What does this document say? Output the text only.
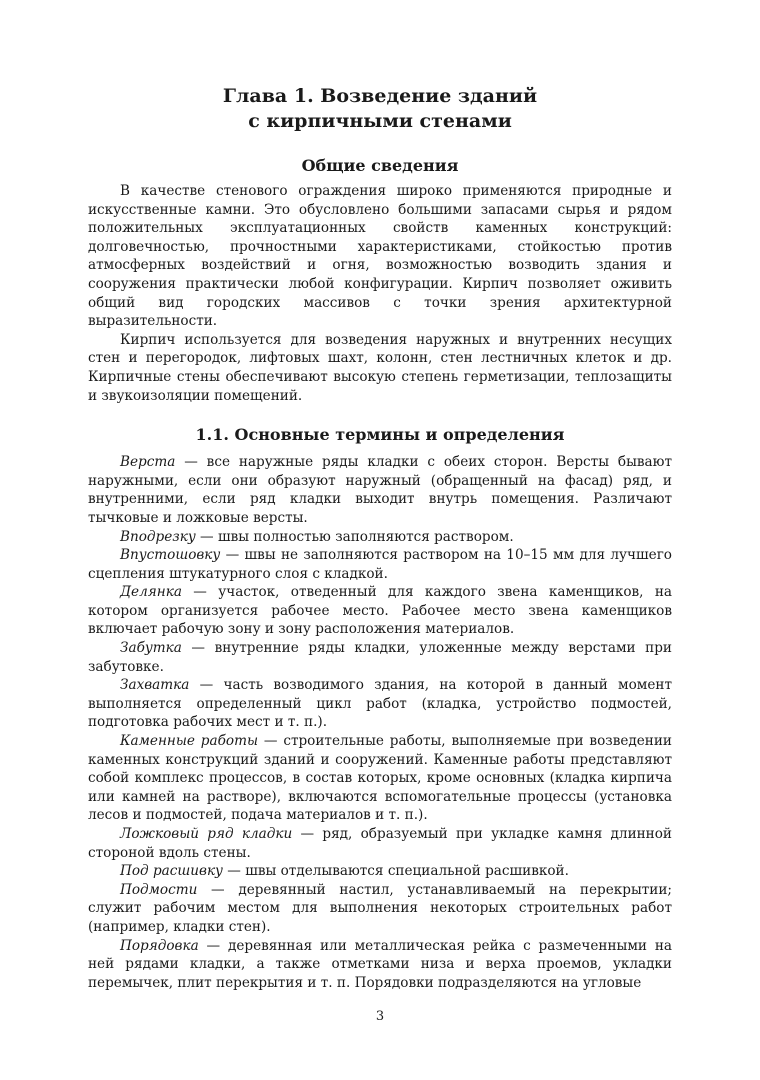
Глава 1. Возведение зданий
с кирпичными стенами
Общие сведения

В качестве стенового ограждения широко применяются природные и искусственные камни. Это обусловлено большими запасами сырья и рядом положительных эксплуатационных свойств каменных конструкций: долговечностью, прочностными характеристиками, стойкостью против атмосферных воздействий и огня, возможностью возводить здания и сооружения практически любой конфигурации. Кирпич позволяет оживить общий вид городских массивов с точки зрения архитектурной выразительности.

Кирпич используется для возведения наружных и внутренних несущих стен и перегородок, лифтовых шахт, колонн, стен лестничных клеток и др. Кирпичные стены обеспечивают высокую степень герметизации, теплозащиты и звукоизоляции помещений.

1.1. Основные термины и определения

Верста — все наружные ряды кладки с обеих сторон. Версты бывают наружными, если они образуют наружный (обращенный на фасад) ряд, и внутренними, если ряд кладки выходит внутрь помещения. Различают тычковые и ложковые версты.

Вподрезку — швы полностью заполняются раствором.

Впустошовку — швы не заполняются раствором на 10–15 мм для лучшего сцепления штукатурного слоя с кладкой.

Делянка — участок, отведенный для каждого звена каменщиков, на котором организуется рабочее место. Рабочее место звена каменщиков включает рабочую зону и зону расположения материалов.

Забутка — внутренние ряды кладки, уложенные между верстами при забутовке.

Захватка — часть возводимого здания, на которой в данный момент выполняется определенный цикл работ (кладка, устройство подмостей, подготовка рабочих мест и т. п.).

Каменные работы — строительные работы, выполняемые при возведении каменных конструкций зданий и сооружений. Каменные работы представляют собой комплекс процессов, в состав которых, кроме основных (кладка кирпича или камней на растворе), включаются вспомогательные процессы (установка лесов и подмостей, подача материалов и т. п.).

Ложковый ряд кладки — ряд, образуемый при укладке камня длинной стороной вдоль стены.

Под расшивку — швы отделываются специальной расшивкой.

Подмости — деревянный настил, устанавливаемый на перекрытии; служит рабочим местом для выполнения некоторых строительных работ (например, кладки стен).

Порядовка — деревянная или металлическая рейка с размеченными на ней рядами кладки, а также отметками низа и верха проемов, укладки перемычек, плит перекрытия и т. п. Порядовки подразделяются на угловые

3
